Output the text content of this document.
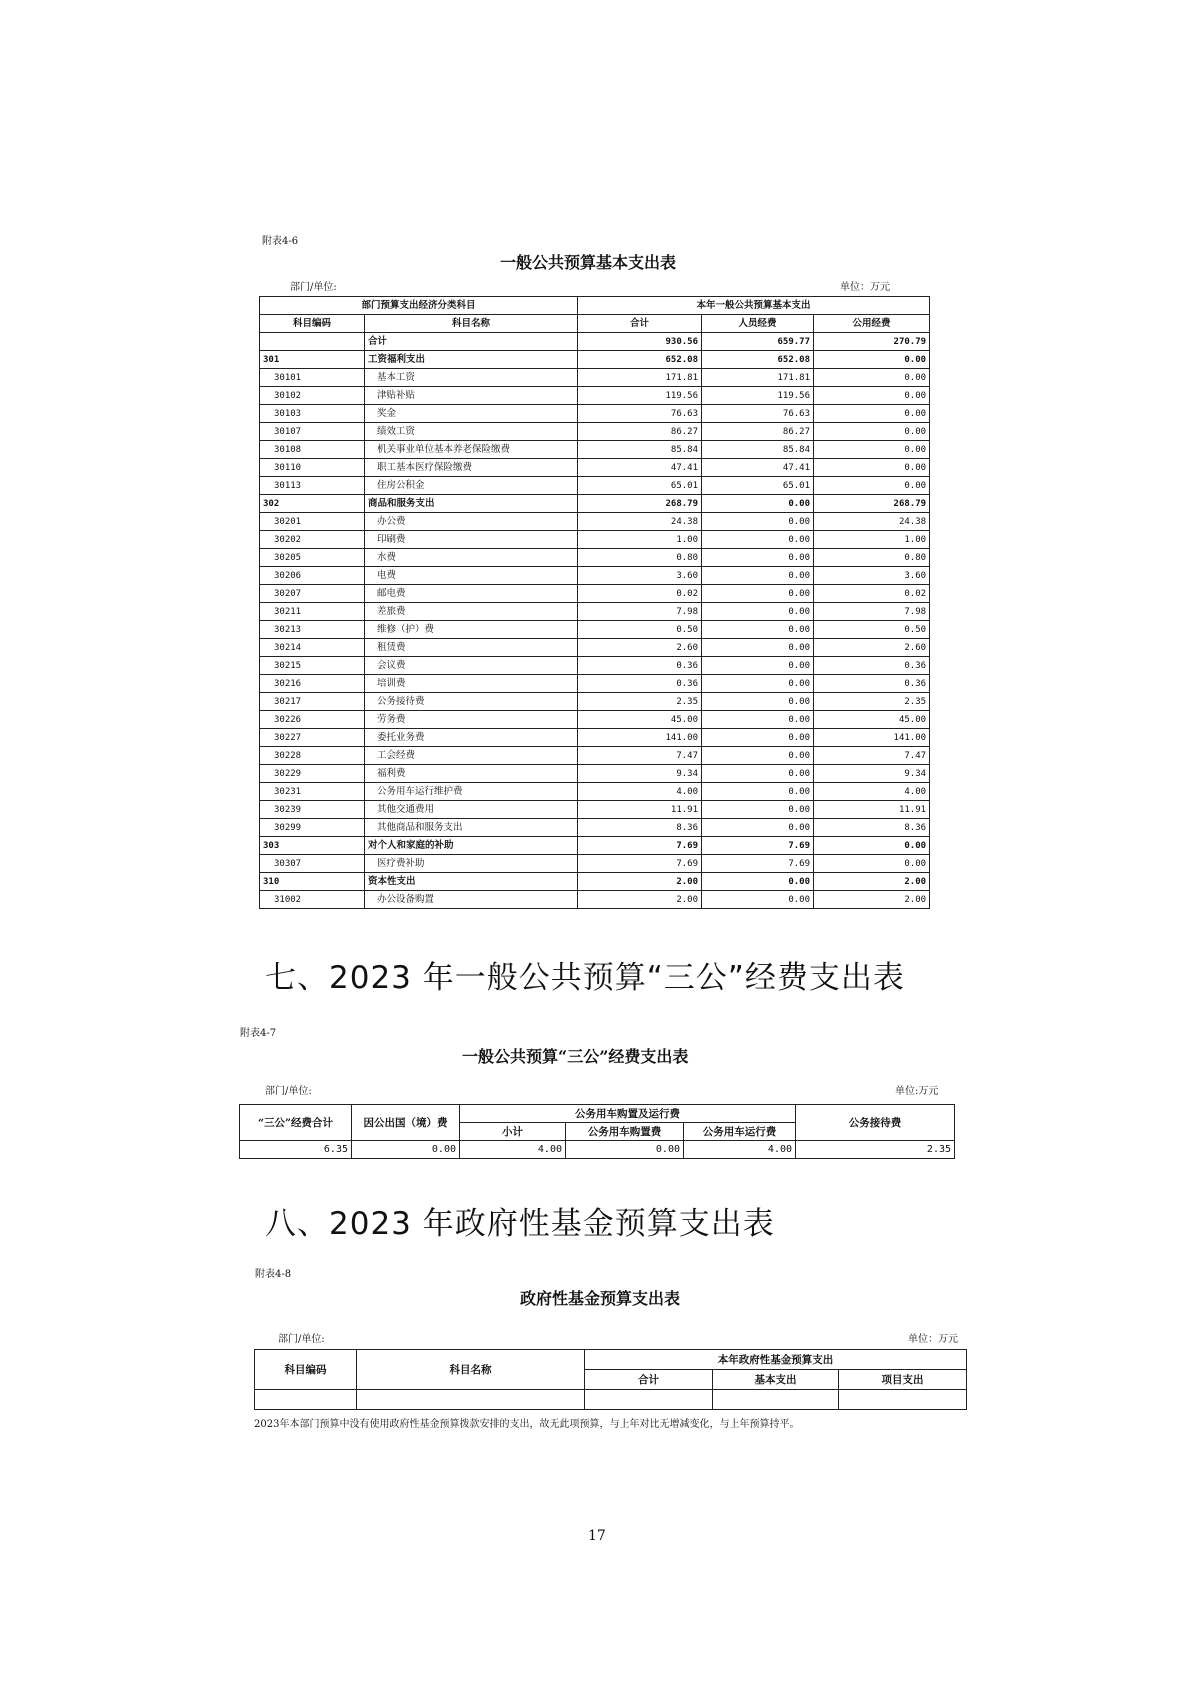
附表4-6
一般公共预算基本支出表
部门/单位:	单位：万元
部门预算支出经济分类科目		本年一般公共预算基本支出		
科目编码	科目名称	合计	人员经费	公用经费
	合计	930.56	659.77	270.79
301	工资福利支出	652.08	652.08	0.00
30101	基本工资	171.81	171.81	0.00
30102	津贴补贴	119.56	119.56	0.00
30103	奖金	76.63	76.63	0.00
30107	绩效工资	86.27	86.27	0.00
30108	机关事业单位基本养老保险缴费	85.84	85.84	0.00
30110	职工基本医疗保险缴费	47.41	47.41	0.00
30113	住房公积金	65.01	65.01	0.00
302	商品和服务支出	268.79	0.00	268.79
30201	办公费	24.38	0.00	24.38
30202	印刷费	1.00	0.00	1.00
30205	水费	0.80	0.00	0.80
30206	电费	3.60	0.00	3.60
30207	邮电费	0.02	0.00	0.02
30211	差旅费	7.98	0.00	7.98
30213	维修（护）费	0.50	0.00	0.50
30214	租赁费	2.60	0.00	2.60
30215	会议费	0.36	0.00	0.36
30216	培训费	0.36	0.00	0.36
30217	公务接待费	2.35	0.00	2.35
30226	劳务费	45.00	0.00	45.00
30227	委托业务费	141.00	0.00	141.00
30228	工会经费	7.47	0.00	7.47
30229	福利费	9.34	0.00	9.34
30231	公务用车运行维护费	4.00	0.00	4.00
30239	其他交通费用	11.91	0.00	11.91
30299	其他商品和服务支出	8.36	0.00	8.36
303	对个人和家庭的补助	7.69	7.69	0.00
30307	医疗费补助	7.69	7.69	0.00
310	资本性支出	2.00	0.00	2.00
31002	办公设备购置	2.00	0.00	2.00
七、2023 年一般公共预算“三公”经费支出表
附表4-7
一般公共预算“三公”经费支出表
部门/单位:	单位:万元
“三公”经费合计	因公出国（境）费	公务用车购置及运行费			公务接待费
		小计	公务用车购置费	公务用车运行费	
6.35	0.00	4.00	0.00	4.00	2.35
八、2023 年政府性基金预算支出表
附表4-8
政府性基金预算支出表
部门/单位:	单位：万元
科目编码	科目名称	本年政府性基金预算支出		
		合计	基本支出	项目支出

2023年本部门预算中没有使用政府性基金预算拨款安排的支出，故无此项预算，与上年对比无增减变化，与上年预算持平。
17
